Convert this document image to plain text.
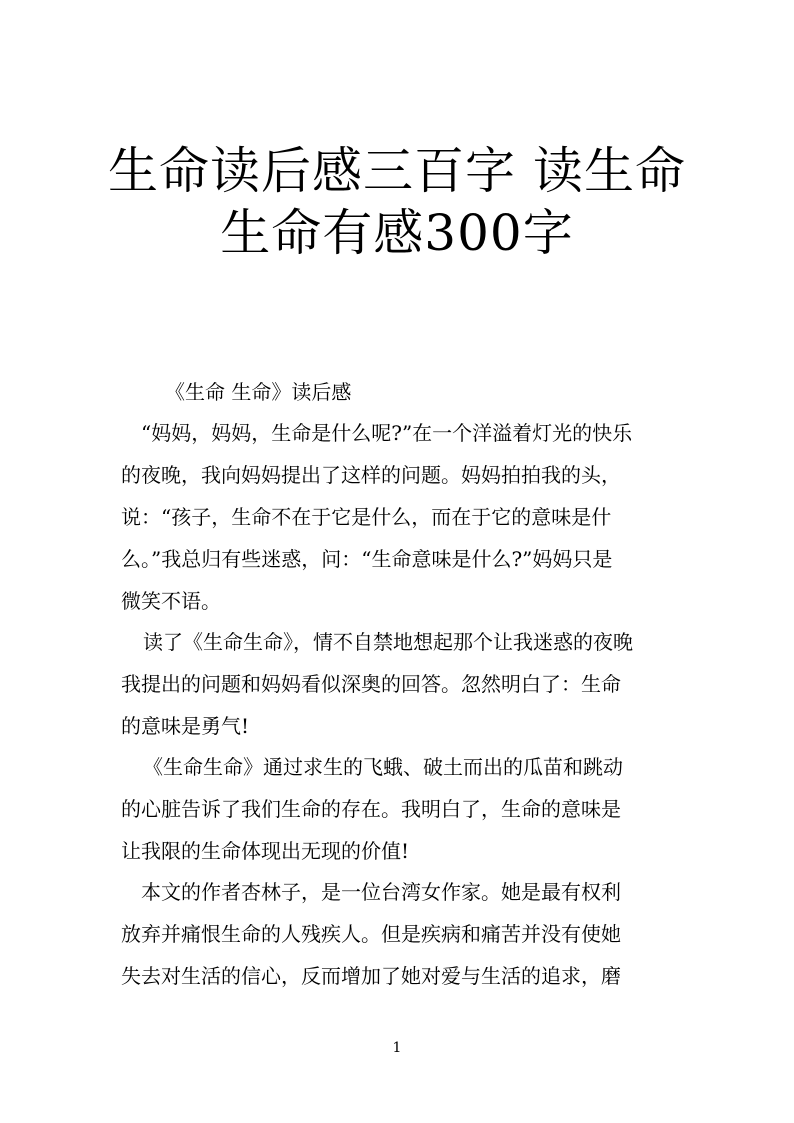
生命读后感三百字 读生命
生命有感300字
《生命 生命》读后感
“妈妈，妈妈，生命是什么呢?”在一个洋溢着灯光的快乐
的夜晚，我向妈妈提出了这样的问题。妈妈拍拍我的头，
说：“孩子，生命不在于它是什么，而在于它的意味是什
么。”我总归有些迷惑，问：“生命意味是什么?”妈妈只是
微笑不语。
读了《生命生命》，情不自禁地想起那个让我迷惑的夜晚
我提出的问题和妈妈看似深奥的回答。忽然明白了：生命
的意味是勇气!
《生命生命》通过求生的飞蛾、破土而出的瓜苗和跳动
的心脏告诉了我们生命的存在。我明白了，生命的意味是
让我限的生命体现出无现的价值!
本文的作者杏林子，是一位台湾女作家。她是最有权利
放弃并痛恨生命的人残疾人。但是疾病和痛苦并没有使她
失去对生活的信心，反而增加了她对爱与生活的追求，磨
1
